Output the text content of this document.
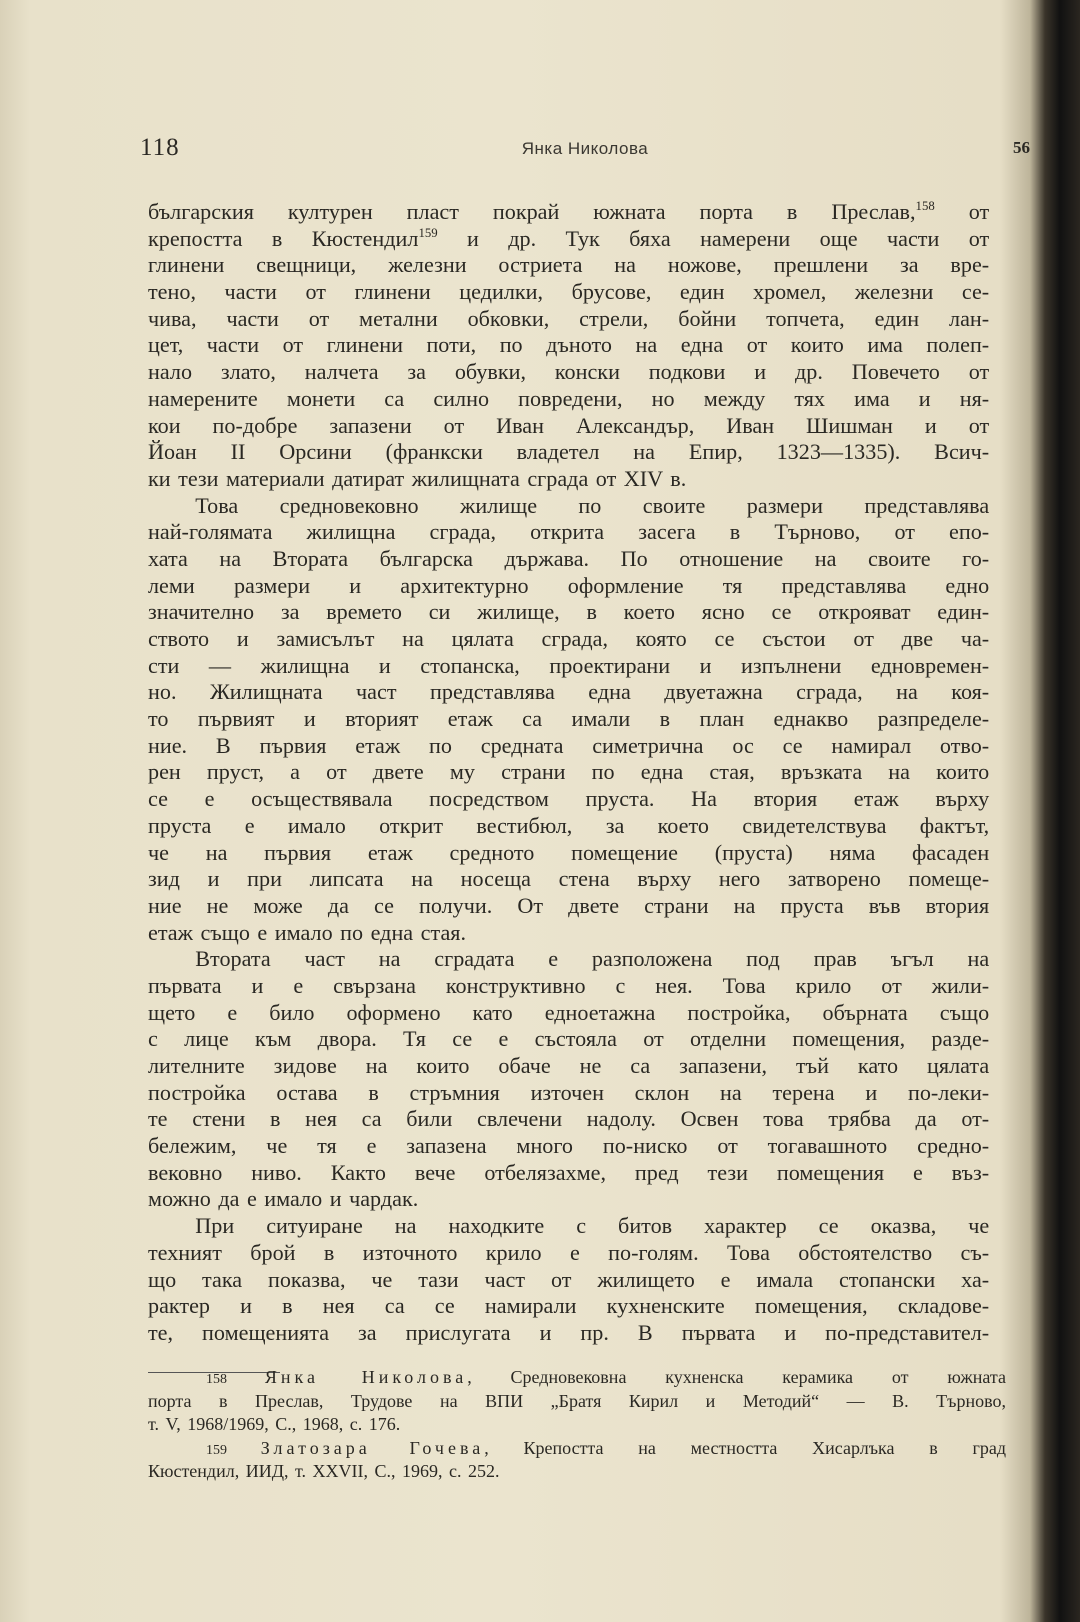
118	Янка Николова	56
българския културен пласт покрай южната порта в Преслав,$^{158}$ от
крепостта в Кюстендил$^{159}$ и др. Тук бяха намерени още части от
глинени свещници, железни остриета на ножове, прешлени за вре-
тено, части от глинени цедилки, брусове, един хромел, железни се-
чива, части от метални обковки, стрели, бойни топчета, един лан-
цет, части от глинени поти, по дъното на една от които има полеп-
нало злато, налчета за обувки, конски подкови и др. Повечето от
намерените монети са силно повредени, но между тях има и ня-
кои по-добре запазени от Иван Александър, Иван Шишман и от
Йоан II Орсини (франкски владетел на Епир, 1323—1335). Всич-
ки тези материали датират жилищната сграда от XIV в.
Това средновековно жилище по своите размери представлява
най-голямата жилищна сграда, открита засега в Търново, от епо-
хата на Втората българска държава. По отношение на своите го-
леми размери и архитектурно оформление тя представлява едно
значително за времето си жилище, в което ясно се открояват един-
ството и замисълът на цялата сграда, която се състои от две ча-
сти — жилищна и стопанска, проектирани и изпълнени едновремен-
но. Жилищната част представлява една двуетажна сграда, на коя-
то първият и вторият етаж са имали в план еднакво разпределе-
ние. В първия етаж по средната симетрична ос се намирал отво-
рен пруст, а от двете му страни по една стая, връзката на които
се е осъществявала посредством пруста. На втория етаж върху
пруста е имало открит вестибюл, за което свидетелствува фактът,
че на първия етаж средното помещение (пруста) няма фасаден
зид и при липсата на носеща стена върху него затворено помеще-
ние не може да се получи. От двете страни на пруста във втория
етаж също е имало по една стая.
Втората част на сградата е разположена под прав ъгъл на
първата и е свързана конструктивно с нея. Това крило от жили-
щето е било оформено като едноетажна постройка, обърната също
с лице към двора. Тя се е състояла от отделни помещения, разде-
лителните зидове на които обаче не са запазени, тъй като цялата
постройка остава в стръмния източен склон на терена и по-леки-
те стени в нея са били свлечени надолу. Освен това трябва да от-
бележим, че тя е запазена много по-ниско от тогавашното средно-
вековно ниво. Както вече отбелязахме, пред тези помещения е въз-
можно да е имало и чардак.
При ситуиране на находките с битов характер се оказва, че
техният брой в източното крило е по-голям. Това обстоятелство съ-
що така показва, че тази част от жилището е имала стопански ха-
рактер и в нея са се намирали кухненските помещения, складове-
те, помещенията за прислугата и пр. В първата и по-представител-
158 Янка Николова, Средновековна кухненска керамика от южната
порта в Преслав, Трудове на ВПИ „Братя Кирил и Методий“ — В. Търново,
т. V, 1968/1969, С., 1968, с. 176.
159 Златозара Гочева, Крепостта на местността Хисарлъка в град
Кюстендил, ИИД, т. XXVII, С., 1969, с. 252.
